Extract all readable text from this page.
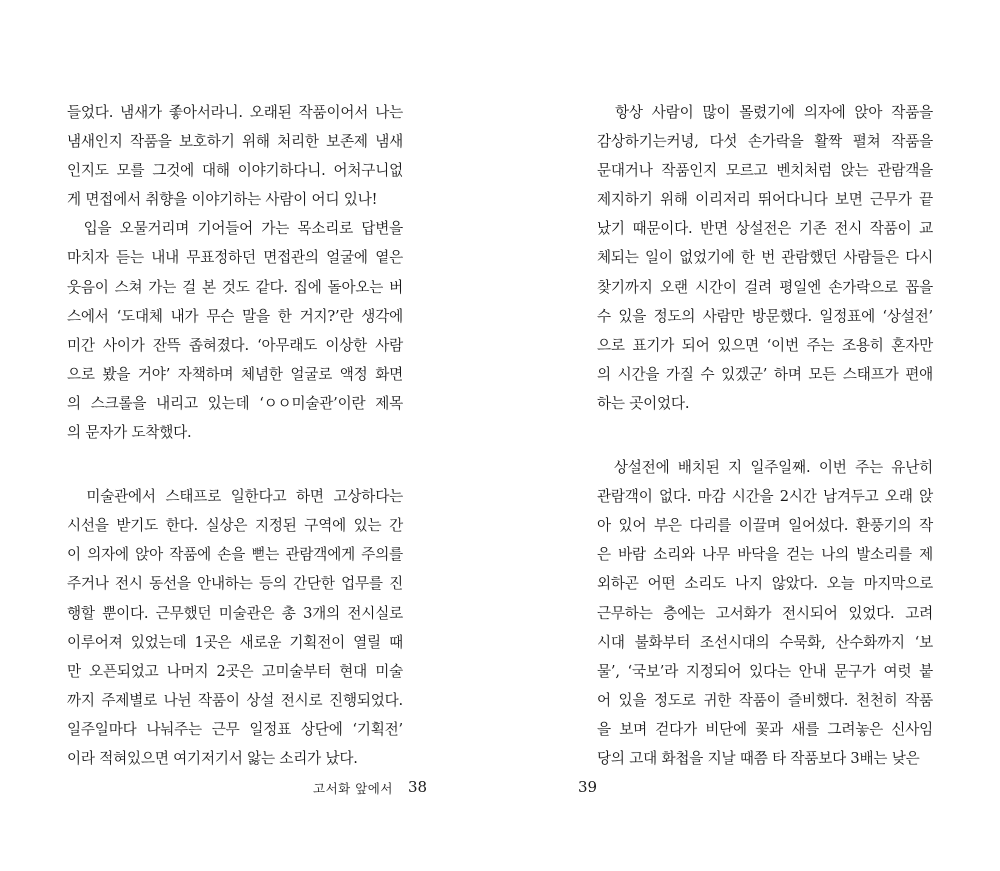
들었다. 냄새가 좋아서라니. 오래된 작품이어서 나는
냄새인지 작품을 보호하기 위해 처리한 보존제 냄새
인지도 모를 그것에 대해 이야기하다니. 어처구니없
게 면접에서 취향을 이야기하는 사람이 어디 있나!
입을 오물거리며 기어들어 가는 목소리로 답변을
마치자 듣는 내내 무표정하던 면접관의 얼굴에 옅은
웃음이 스쳐 가는 걸 본 것도 같다. 집에 돌아오는 버
스에서 ‘도대체 내가 무슨 말을 한 거지?’란 생각에
미간 사이가 잔뜩 좁혀졌다. ‘아무래도 이상한 사람
으로 봤을 거야’ 자책하며 체념한 얼굴로 액정 화면
의 스크롤을 내리고 있는데 ‘ㅇㅇ미술관’이란 제목
의 문자가 도착했다.
미술관에서 스태프로 일한다고 하면 고상하다는
시선을 받기도 한다. 실상은 지정된 구역에 있는 간
이 의자에 앉아 작품에 손을 뻗는 관람객에게 주의를
주거나 전시 동선을 안내하는 등의 간단한 업무를 진
행할 뿐이다. 근무했던 미술관은 총 3개의 전시실로
이루어져 있었는데 1곳은 새로운 기획전이 열릴 때
만 오픈되었고 나머지 2곳은 고미술부터 현대 미술
까지 주제별로 나뉜 작품이 상설 전시로 진행되었다.
일주일마다 나눠주는 근무 일정표 상단에 ‘기획전’
이라 적혀있으면 여기저기서 앓는 소리가 났다.
항상 사람이 많이 몰렸기에 의자에 앉아 작품을
감상하기는커녕, 다섯 손가락을 활짝 펼쳐 작품을
문대거나 작품인지 모르고 벤치처럼 앉는 관람객을
제지하기 위해 이리저리 뛰어다니다 보면 근무가 끝
났기 때문이다. 반면 상설전은 기존 전시 작품이 교
체되는 일이 없었기에 한 번 관람했던 사람들은 다시
찾기까지 오랜 시간이 걸려 평일엔 손가락으로 꼽을
수 있을 정도의 사람만 방문했다. 일정표에 ‘상설전’
으로 표기가 되어 있으면 ‘이번 주는 조용히 혼자만
의 시간을 가질 수 있겠군’ 하며 모든 스태프가 편애
하는 곳이었다.
상설전에 배치된 지 일주일째. 이번 주는 유난히
관람객이 없다. 마감 시간을 2시간 남겨두고 오래 앉
아 있어 부은 다리를 이끌며 일어섰다. 환풍기의 작
은 바람 소리와 나무 바닥을 걷는 나의 발소리를 제
외하곤 어떤 소리도 나지 않았다. 오늘 마지막으로
근무하는 층에는 고서화가 전시되어 있었다. 고려
시대 불화부터 조선시대의 수묵화, 산수화까지 ‘보
물’, ‘국보’라 지정되어 있다는 안내 문구가 여럿 붙
어 있을 정도로 귀한 작품이 즐비했다. 천천히 작품
을 보며 걷다가 비단에 꽃과 새를 그려놓은 신사임
당의 고대 화첩을 지날 때쯤 타 작품보다 3배는 낮은
고서화 앞에서 38	39
